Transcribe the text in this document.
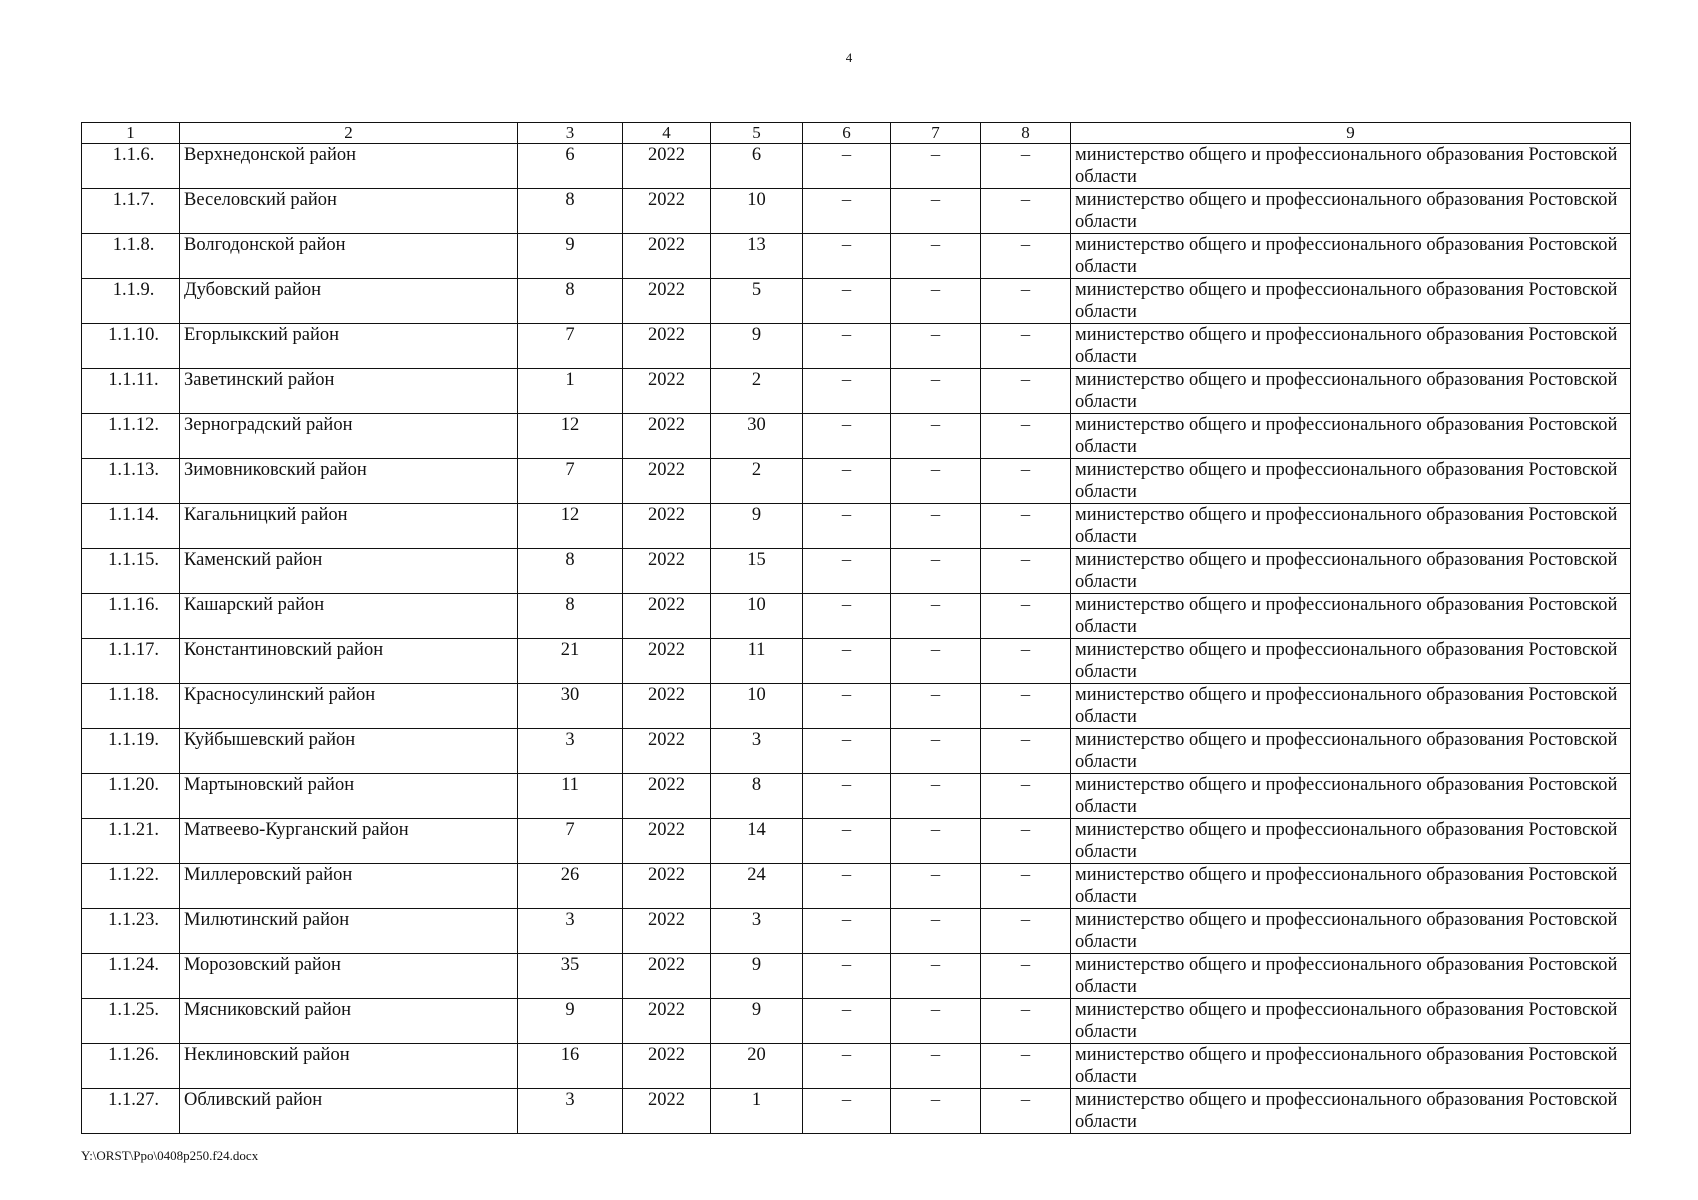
4
1	2	3	4	5	6	7	8	9
1.1.6.	Верхнедонской район	6	2022	6	–	–	–	министерство общего и профессионального образования Ростовской области
1.1.7.	Веселовский район	8	2022	10	–	–	–	министерство общего и профессионального образования Ростовской области
1.1.8.	Волгодонской район	9	2022	13	–	–	–	министерство общего и профессионального образования Ростовской области
1.1.9.	Дубовский район	8	2022	5	–	–	–	министерство общего и профессионального образования Ростовской области
1.1.10.	Егорлыкский район	7	2022	9	–	–	–	министерство общего и профессионального образования Ростовской области
1.1.11.	Заветинский район	1	2022	2	–	–	–	министерство общего и профессионального образования Ростовской области
1.1.12.	Зерноградский район	12	2022	30	–	–	–	министерство общего и профессионального образования Ростовской области
1.1.13.	Зимовниковский район	7	2022	2	–	–	–	министерство общего и профессионального образования Ростовской области
1.1.14.	Кагальницкий район	12	2022	9	–	–	–	министерство общего и профессионального образования Ростовской области
1.1.15.	Каменский район	8	2022	15	–	–	–	министерство общего и профессионального образования Ростовской области
1.1.16.	Кашарский район	8	2022	10	–	–	–	министерство общего и профессионального образования Ростовской области
1.1.17.	Константиновский район	21	2022	11	–	–	–	министерство общего и профессионального образования Ростовской области
1.1.18.	Красносулинский район	30	2022	10	–	–	–	министерство общего и профессионального образования Ростовской области
1.1.19.	Куйбышевский район	3	2022	3	–	–	–	министерство общего и профессионального образования Ростовской области
1.1.20.	Мартыновский район	11	2022	8	–	–	–	министерство общего и профессионального образования Ростовской области
1.1.21.	Матвеево-Курганский район	7	2022	14	–	–	–	министерство общего и профессионального образования Ростовской области
1.1.22.	Миллеровский район	26	2022	24	–	–	–	министерство общего и профессионального образования Ростовской области
1.1.23.	Милютинский район	3	2022	3	–	–	–	министерство общего и профессионального образования Ростовской области
1.1.24.	Морозовский район	35	2022	9	–	–	–	министерство общего и профессионального образования Ростовской области
1.1.25.	Мясниковский район	9	2022	9	–	–	–	министерство общего и профессионального образования Ростовской области
1.1.26.	Неклиновский район	16	2022	20	–	–	–	министерство общего и профессионального образования Ростовской области
1.1.27.	Обливский район	3	2022	1	–	–	–	министерство общего и профессионального образования Ростовской области
Y:\ORST\Ppo\0408p250.f24.docx
